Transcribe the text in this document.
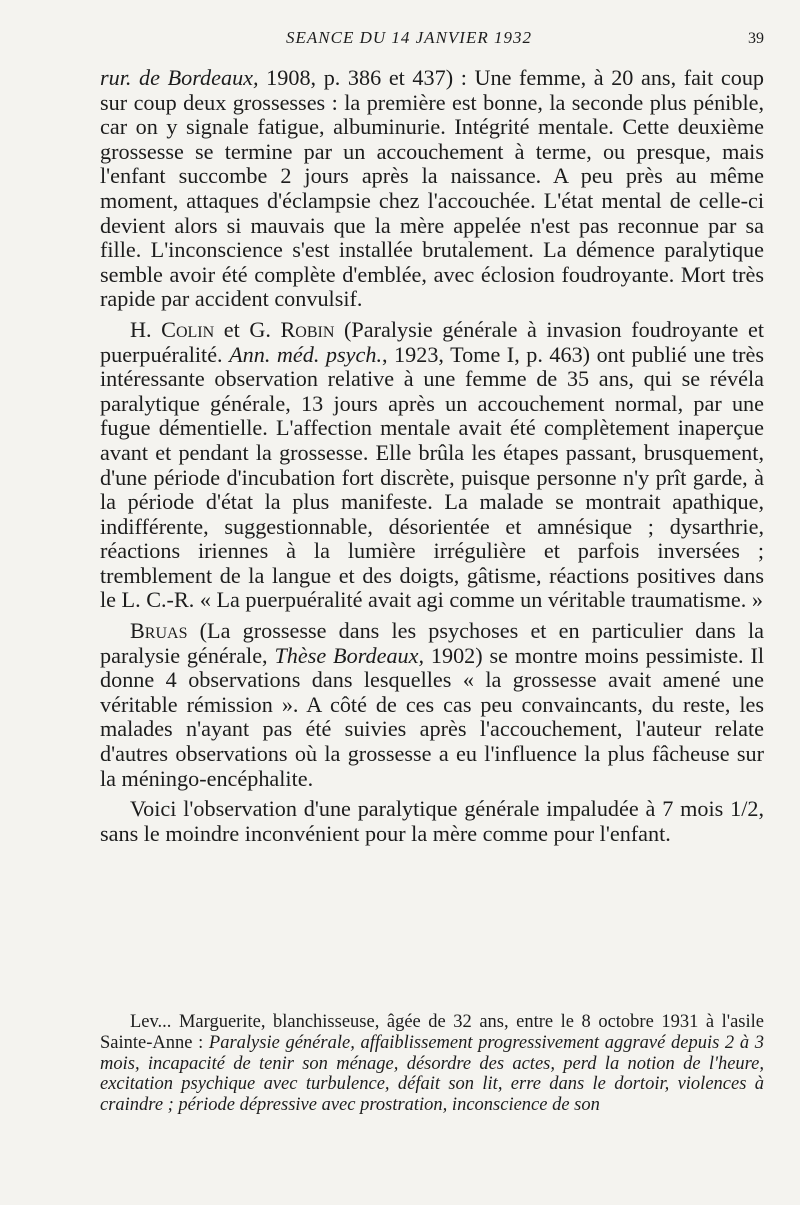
SEANCE DU 14 JANVIER 1932	39

rur. de Bordeaux, 1908, p. 386 et 437) : Une femme, à 20 ans, fait coup sur coup deux grossesses : la première est bonne, la seconde plus pénible, car on y signale fatigue, albuminurie. Intégrité mentale. Cette deuxième grossesse se termine par un accouchement à terme, ou presque, mais l'enfant succombe 2 jours après la naissance. A peu près au même moment, attaques d'éclampsie chez l'accouchée. L'état mental de celle-ci devient alors si mauvais que la mère appelée n'est pas reconnue par sa fille. L'inconscience s'est installée brutalement. La démence paralytique semble avoir été complète d'emblée, avec éclosion foudroyante. Mort très rapide par accident convulsif.

H. Colin et G. Robin (Paralysie générale à invasion foudroyante et puerpuéralité. Ann. méd. psych., 1923, Tome I, p. 463) ont publié une très intéressante observation relative à une femme de 35 ans, qui se révéla paralytique générale, 13 jours après un accouchement normal, par une fugue démentielle. L'affection mentale avait été complètement inaperçue avant et pendant la grossesse. Elle brûla les étapes passant, brusquement, d'une période d'incubation fort discrète, puisque personne n'y prît garde, à la période d'état la plus manifeste. La malade se montrait apathique, indifférente, suggestionnable, désorientée et amnésique ; dysarthrie, réactions iriennes à la lumière irrégulière et parfois inversées ; tremblement de la langue et des doigts, gâtisme, réactions positives dans le L. C.-R. « La puerpuéralité avait agi comme un véritable traumatisme. »

Bruas (La grossesse dans les psychoses et en particulier dans la paralysie générale, Thèse Bordeaux, 1902) se montre moins pessimiste. Il donne 4 observations dans lesquelles « la grossesse avait amené une véritable rémission ». A côté de ces cas peu convaincants, du reste, les malades n'ayant pas été suivies après l'accouchement, l'auteur relate d'autres observations où la grossesse a eu l'influence la plus fâcheuse sur la méningo-encéphalite.

Voici l'observation d'une paralytique générale impaludée à 7 mois 1/2, sans le moindre inconvénient pour la mère comme pour l'enfant.

Lev... Marguerite, blanchisseuse, âgée de 32 ans, entre le 8 octobre 1931 à l'asile Sainte-Anne : Paralysie générale, affaiblissement progressivement aggravé depuis 2 à 3 mois, incapacité de tenir son ménage, désordre des actes, perd la notion de l'heure, excitation psychique avec turbulence, défait son lit, erre dans le dortoir, violences à craindre ; période dépressive avec prostration, inconscience de son
